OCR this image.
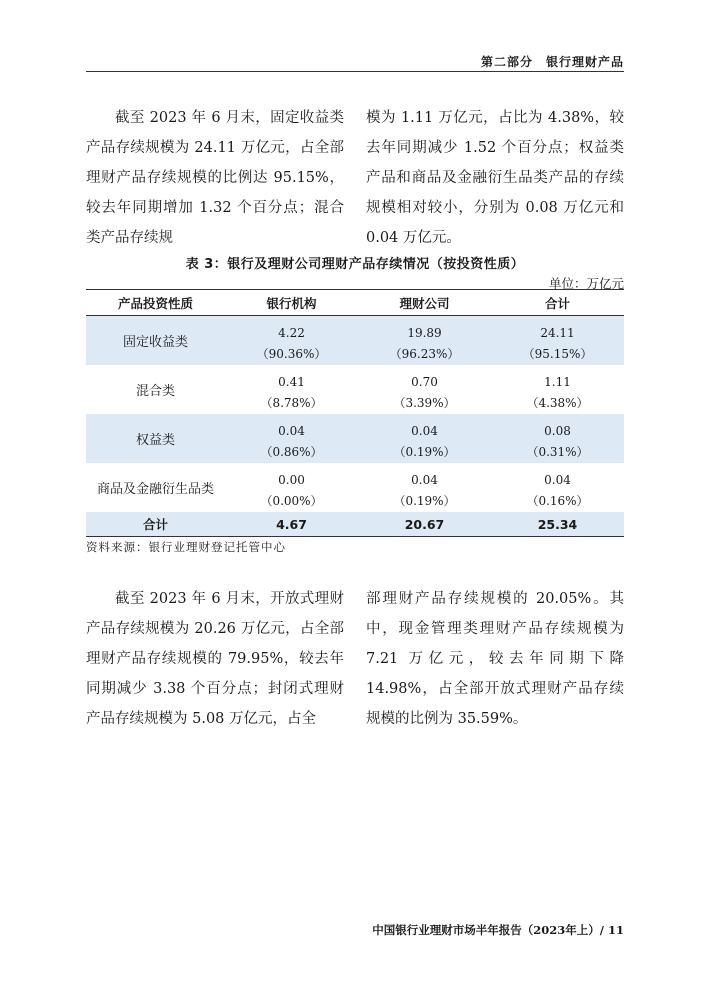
第二部分　银行理财产品

截至 2023 年 6 月末，固定收益类产品存续规模为 24.11 万亿元，占全部理财产品存续规模的比例达 95.15%，较去年同期增加 1.32 个百分点；混合类产品存续规

模为 1.11 万亿元，占比为 4.38%，较去年同期减少 1.52 个百分点；权益类产品和商品及金融衍生品类产品的存续规模相对较小，分别为 0.08 万亿元和 0.04 万亿元。

表 3：银行及理财公司理财产品存续情况（按投资性质）
单位：万亿元
产品投资性质	银行机构	理财公司	合计
固定收益类	4.22	19.89	24.11
	（90.36%）	（96.23%）	（95.15%）
混合类	0.41	0.70	1.11
	（8.78%）	（3.39%）	（4.38%）
权益类	0.04	0.04	0.08
	（0.86%）	（0.19%）	（0.31%）
商品及金融衍生品类	0.00	0.04	0.04
	（0.00%）	（0.19%）	（0.16%）
合计	4.67	20.67	25.34
资料来源：银行业理财登记托管中心

截至 2023 年 6 月末，开放式理财产品存续规模为 20.26 万亿元，占全部理财产品存续规模的 79.95%，较去年同期减少 3.38 个百分点；封闭式理财产品存续规模为 5.08 万亿元，占全

部理财产品存续规模的 20.05%。其中，现金管理类理财产品存续规模为 7.21 万亿元，较去年同期下降 14.98%，占全部开放式理财产品存续规模的比例为 35.59%。

中国银行业理财市场半年报告（2023年上）/ 11
